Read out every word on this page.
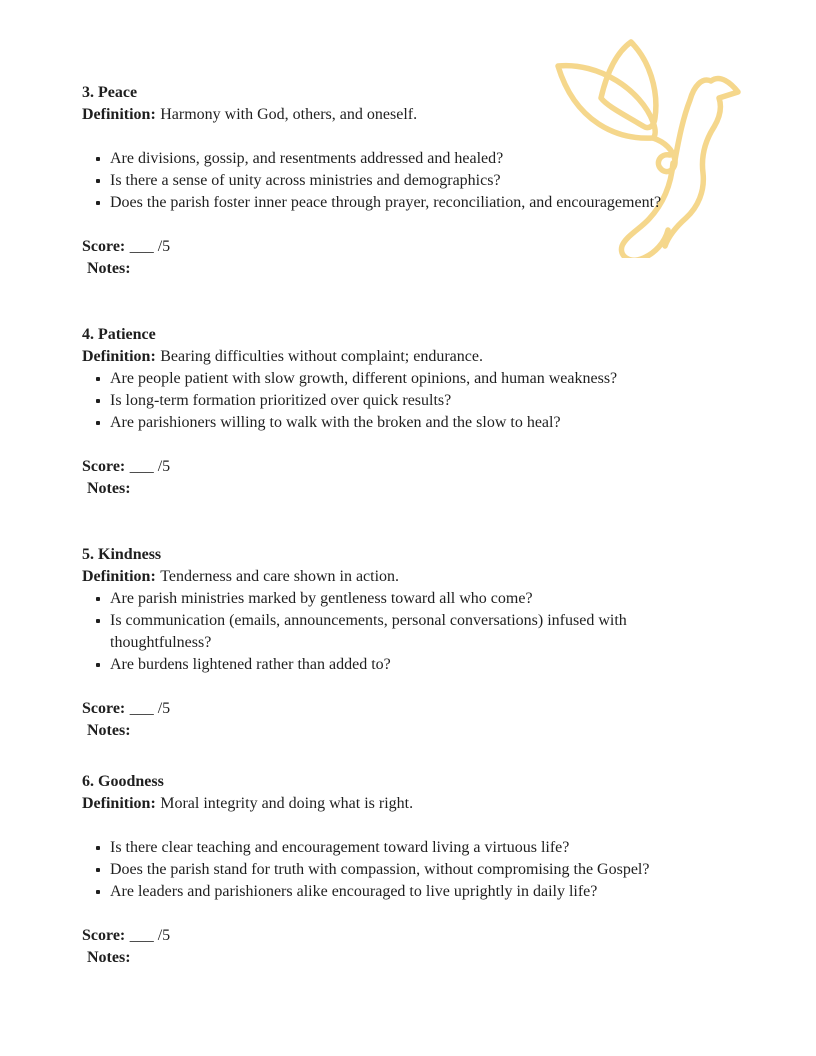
3. Peace
Definition: Harmony with God, others, and oneself.
Are divisions, gossip, and resentments addressed and healed?
Is there a sense of unity across ministries and demographics?
Does the parish foster inner peace through prayer, reconciliation, and encouragement?
Score: ___ /5
Notes:
4. Patience
Definition: Bearing difficulties without complaint; endurance.
Are people patient with slow growth, different opinions, and human weakness?
Is long-term formation prioritized over quick results?
Are parishioners willing to walk with the broken and the slow to heal?
Score: ___ /5
Notes:
5. Kindness
Definition: Tenderness and care shown in action.
Are parish ministries marked by gentleness toward all who come?
Is communication (emails, announcements, personal conversations) infused with thoughtfulness?
Are burdens lightened rather than added to?
Score: ___ /5
Notes:
6. Goodness
Definition: Moral integrity and doing what is right.
Is there clear teaching and encouragement toward living a virtuous life?
Does the parish stand for truth with compassion, without compromising the Gospel?
Are leaders and parishioners alike encouraged to live uprightly in daily life?
Score: ___ /5
Notes:
